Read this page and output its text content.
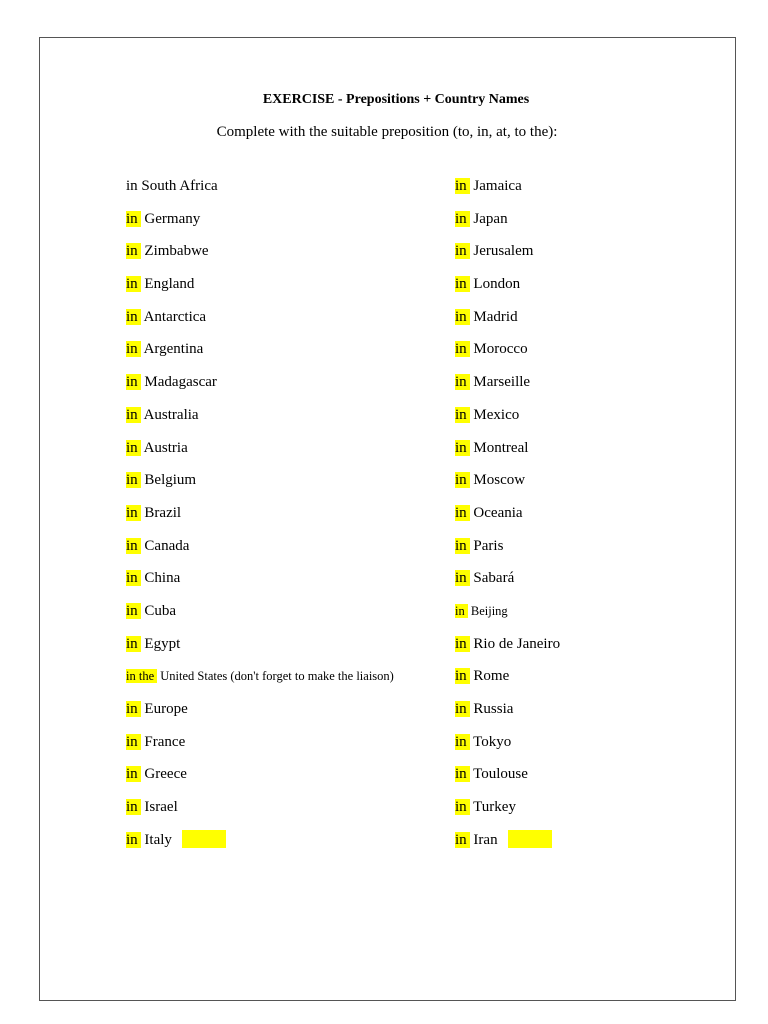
EXERCISE - Prepositions + Country Names
Complete with the suitable preposition (to, in, at, to the):
in South Africa
in Germany
in Zimbabwe
in England
in Antarctica
in Argentina
in Madagascar
in Australia
in Austria
in Belgium
in Brazil
in Canada
in China
in Cuba
in Egypt
in the United States (don't forget to make the liaison)
in Europe
in France
in Greece
in Israel
in Italy
in Jamaica
in Japan
in Jerusalem
in London
in Madrid
in Morocco
in Marseille
in Mexico
in Montreal
in Moscow
in Oceania
in Paris
in Sabará
in Beijing
in Rio de Janeiro
in Rome
in Russia
in Tokyo
in Toulouse
in Turkey
in Iran
